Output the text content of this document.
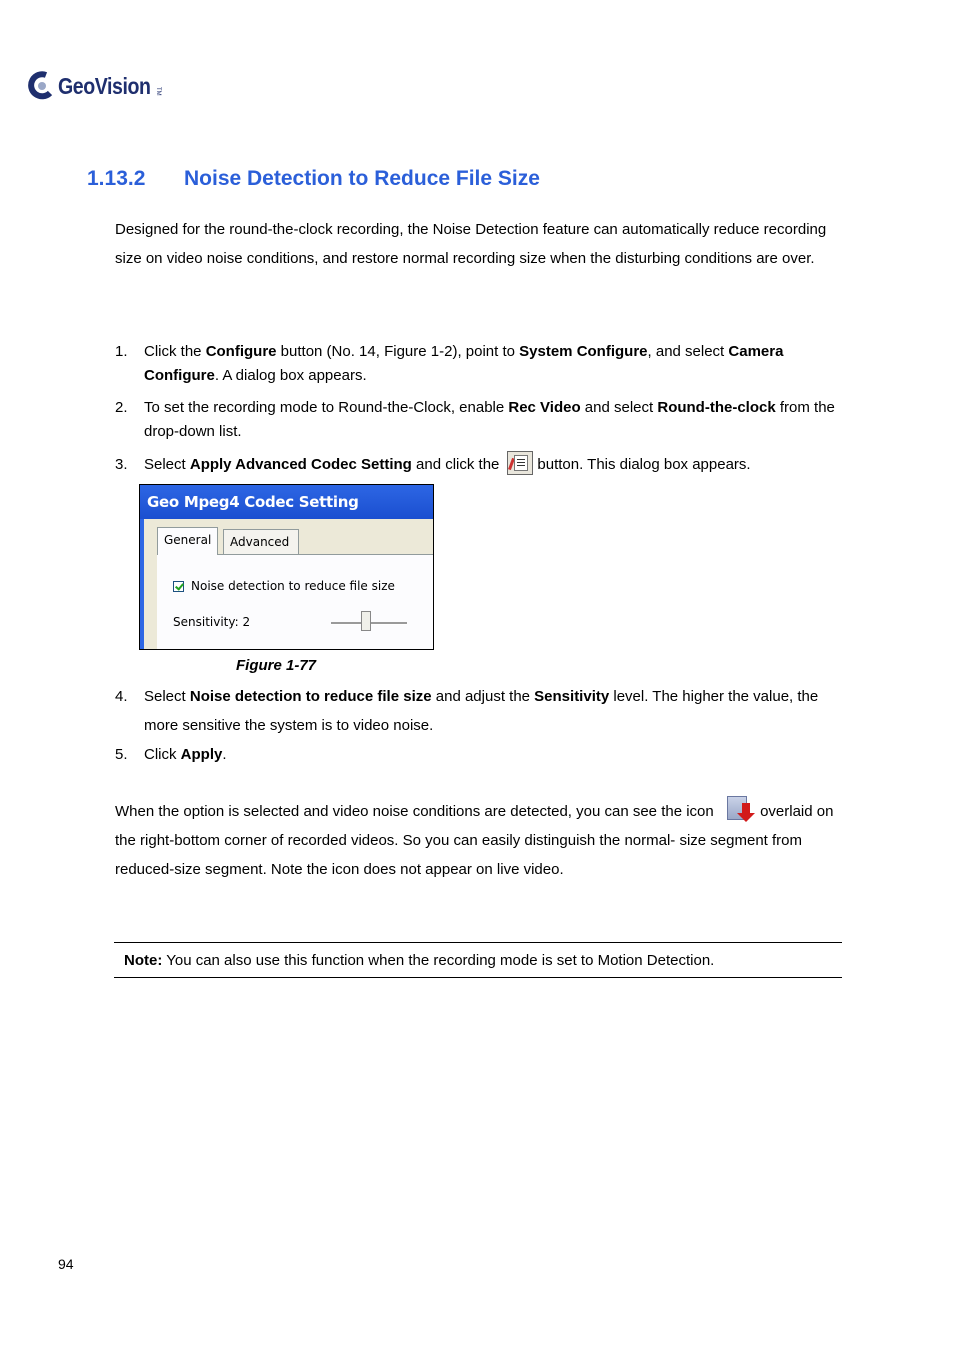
GeoVision TM
1.13.2 Noise Detection to Reduce File Size
Designed for the round-the-clock recording, the Noise Detection feature can automatically reduce recording size on video noise conditions, and restore normal recording size when the disturbing conditions are over.
1. Click the Configure button (No. 14, Figure 1-2), point to System Configure, and select Camera Configure. A dialog box appears.
2. To set the recording mode to Round-the-Clock, enable Rec Video and select Round-the-clock from the drop-down list.
3. Select Apply Advanced Codec Setting and click the	button. This dialog box appears.
Geo Mpeg4 Codec Setting
General	Advanced
Noise detection to reduce file size
Sensitivity: 2
Figure 1-77
4. Select Noise detection to reduce file size and adjust the Sensitivity level. The higher the value, the more sensitive the system is to video noise.
5. Click Apply.
When the option is selected and video noise conditions are detected, you can see the icon	overlaid on the right-bottom corner of recorded videos. So you can easily distinguish the normal- size segment from reduced-size segment. Note the icon does not appear on live video.
Note: You can also use this function when the recording mode is set to Motion Detection.
94
